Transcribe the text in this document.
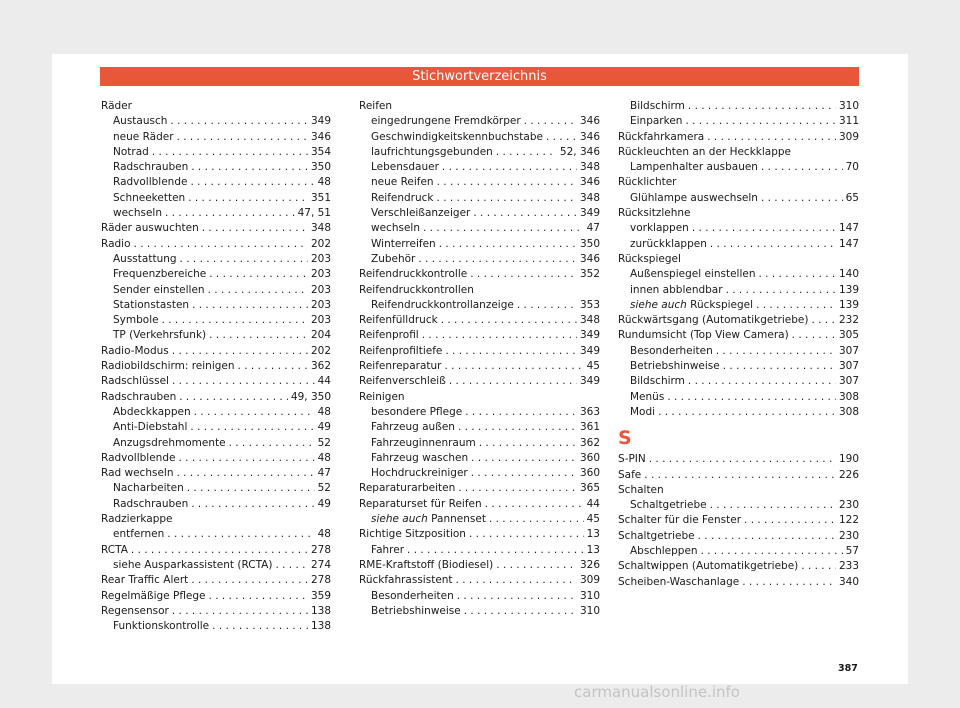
Stichwortverzeichnis
Räder
Austausch . . .	349
neue Räder . . .	346
Notrad . . .	354
Radschrauben . . .	350
Radvollblende . . .	48
Schneeketten . . .	351
wechseln . . .	47, 51
Räder auswuchten . . .	348
Radio . . .	202
Ausstattung . . .	203
Frequenzbereiche . . .	203
Sender einstellen . . .	203
Stationstasten . . .	203
Symbole . . .	203
TP (Verkehrsfunk) . . .	204
Radio-Modus . . .	202
Radiobildschirm: reinigen . . .	362
Radschlüssel . . .	44
Radschrauben . . .	49, 350
Abdeckkappen . . .	48
Anti-Diebstahl . . .	49
Anzugsdrehmomente . . .	52
Radvollblende . . .	48
Rad wechseln . . .	47
Nacharbeiten . . .	52
Radschrauben . . .	49
Radzierkappe
entfernen . . .	48
RCTA . . .	278
siehe Ausparkassistent (RCTA) . . .	274
Rear Traffic Alert . . .	278
Regelmäßige Pflege . . .	359
Regensensor . . .	138
Funktionskontrolle . . .	138
Reifen
eingedrungene Fremdkörper . . .	346
Geschwindigkeitskennbuchstabe . . .	346
laufrichtungsgebunden . . .	52, 346
Lebensdauer . . .	348
neue Reifen . . .	346
Reifendruck . . .	348
Verschleißanzeiger . . .	349
wechseln . . .	47
Winterreifen . . .	350
Zubehör . . .	346
Reifendruckkontrolle . . .	352
Reifendruckkontrollen
Reifendruckkontrollanzeige . . .	353
Reifenfülldruck . . .	348
Reifenprofil . . .	349
Reifenprofiltiefe . . .	349
Reifenreparatur . . .	45
Reifenverschleiß . . .	349
Reinigen
besondere Pflege . . .	363
Fahrzeug außen . . .	361
Fahrzeuginnenraum . . .	362
Fahrzeug waschen . . .	360
Hochdruckreiniger . . .	360
Reparaturarbeiten . . .	365
Reparaturset für Reifen . . .	44
siehe auch Pannenset . . .	45
Richtige Sitzposition . . .	13
Fahrer . . .	13
RME-Kraftstoff (Biodiesel) . . .	326
Rückfahrassistent . . .	309
Besonderheiten . . .	310
Betriebshinweise . . .	310
Bildschirm . . .	310
Einparken . . .	311
Rückfahrkamera . . .	309
Rückleuchten an der Heckklappe
Lampenhalter ausbauen . . .	70
Rücklichter
Glühlampe auswechseln . . .	65
Rücksitzlehne
vorklappen . . .	147
zurückklappen . . .	147
Rückspiegel
Außenspiegel einstellen . . .	140
innen abblendbar . . .	139
siehe auch Rückspiegel . . .	139
Rückwärtsgang (Automatikgetriebe) . . .	232
Rundumsicht (Top View Camera) . . .	305
Besonderheiten . . .	307
Betriebshinweise . . .	307
Bildschirm . . .	307
Menüs . . .	308
Modi . . .	308
S
S-PIN . . .	190
Safe . . .	226
Schalten
Schaltgetriebe . . .	230
Schalter für die Fenster . . .	122
Schaltgetriebe . . .	230
Abschleppen . . .	57
Schaltwippen (Automatikgetriebe) . . .	233
Scheiben-Waschanlage . . .	340
387
carmanualsonline.info
